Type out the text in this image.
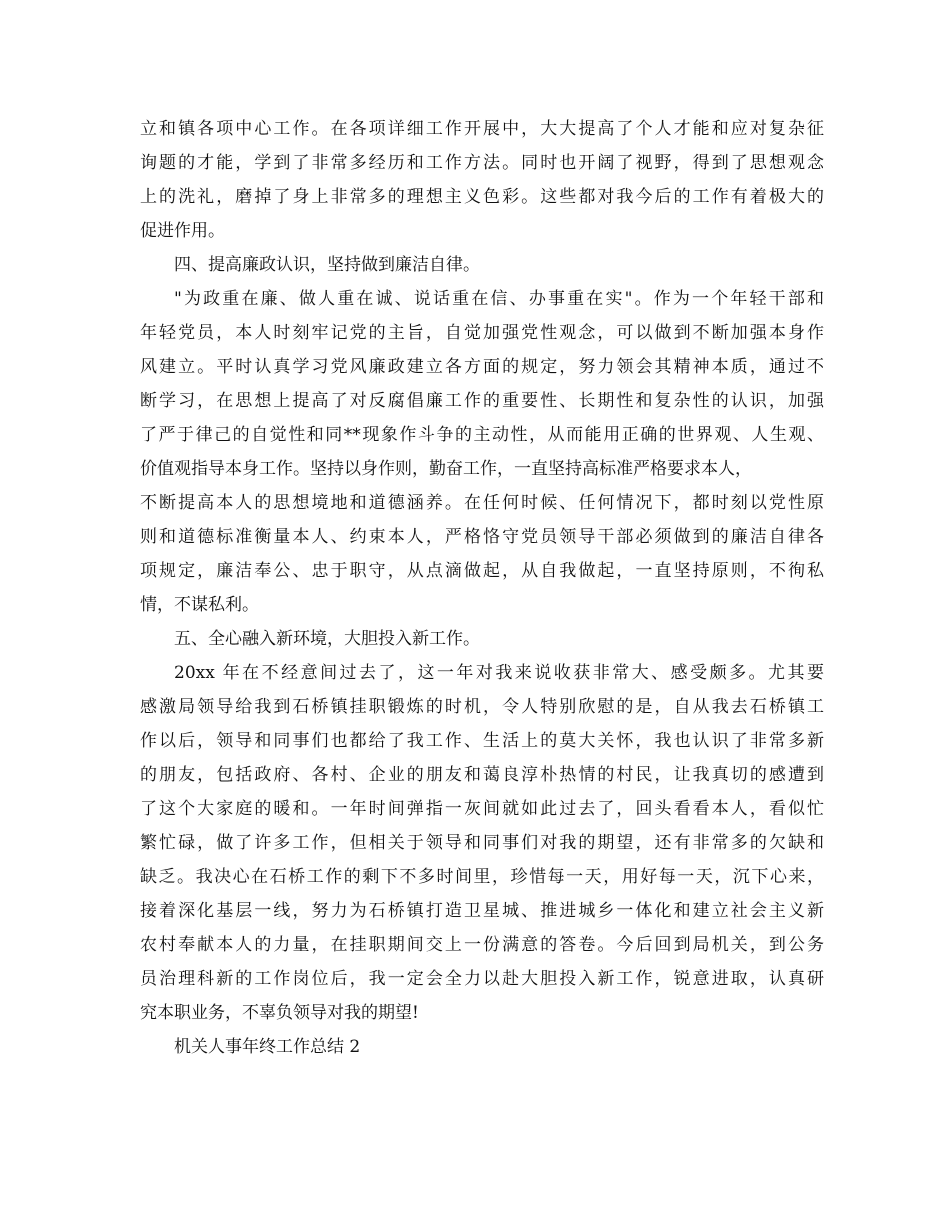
立和镇各项中心工作。在各项详细工作开展中，大大提高了个人才能和应对复杂征
询题的才能，学到了非常多经历和工作方法。同时也开阔了视野，得到了思想观念
上的洗礼，磨掉了身上非常多的理想主义色彩。这些都对我今后的工作有着极大的
促进作用。
四、提高廉政认识，坚持做到廉洁自律。
"为政重在廉、做人重在诚、说话重在信、办事重在实"。作为一个年轻干部和
年轻党员，本人时刻牢记党的主旨，自觉加强党性观念，可以做到不断加强本身作
风建立。平时认真学习党风廉政建立各方面的规定，努力领会其精神本质，通过不
断学习，在思想上提高了对反腐倡廉工作的重要性、长期性和复杂性的认识，加强
了严于律己的自觉性和同**现象作斗争的主动性，从而能用正确的世界观、人生观、
价值观指导本身工作。坚持以身作则，勤奋工作，一直坚持高标准严格要求本人，
不断提高本人的思想境地和道德涵养。在任何时候、任何情况下，都时刻以党性原
则和道德标准衡量本人、约束本人，严格恪守党员领导干部必须做到的廉洁自律各
项规定，廉洁奉公、忠于职守，从点滴做起，从自我做起，一直坚持原则，不徇私
情，不谋私利。
五、全心融入新环境，大胆投入新工作。
20xx 年在不经意间过去了，这一年对我来说收获非常大、感受颇多。尤其要
感激局领导给我到石桥镇挂职锻炼的时机，令人特别欣慰的是，自从我去石桥镇工
作以后，领导和同事们也都给了我工作、生活上的莫大关怀，我也认识了非常多新
的朋友，包括政府、各村、企业的朋友和蔼良淳朴热情的村民，让我真切的感遭到
了这个大家庭的暖和。一年时间弹指一灰间就如此过去了，回头看看本人，看似忙
繁忙碌，做了许多工作，但相关于领导和同事们对我的期望，还有非常多的欠缺和
缺乏。我决心在石桥工作的剩下不多时间里，珍惜每一天，用好每一天，沉下心来，
接着深化基层一线，努力为石桥镇打造卫星城、推进城乡一体化和建立社会主义新
农村奉献本人的力量，在挂职期间交上一份满意的答卷。今后回到局机关，到公务
员治理科新的工作岗位后，我一定会全力以赴大胆投入新工作，锐意进取，认真研
究本职业务，不辜负领导对我的期望!
机关人事年终工作总结 2
